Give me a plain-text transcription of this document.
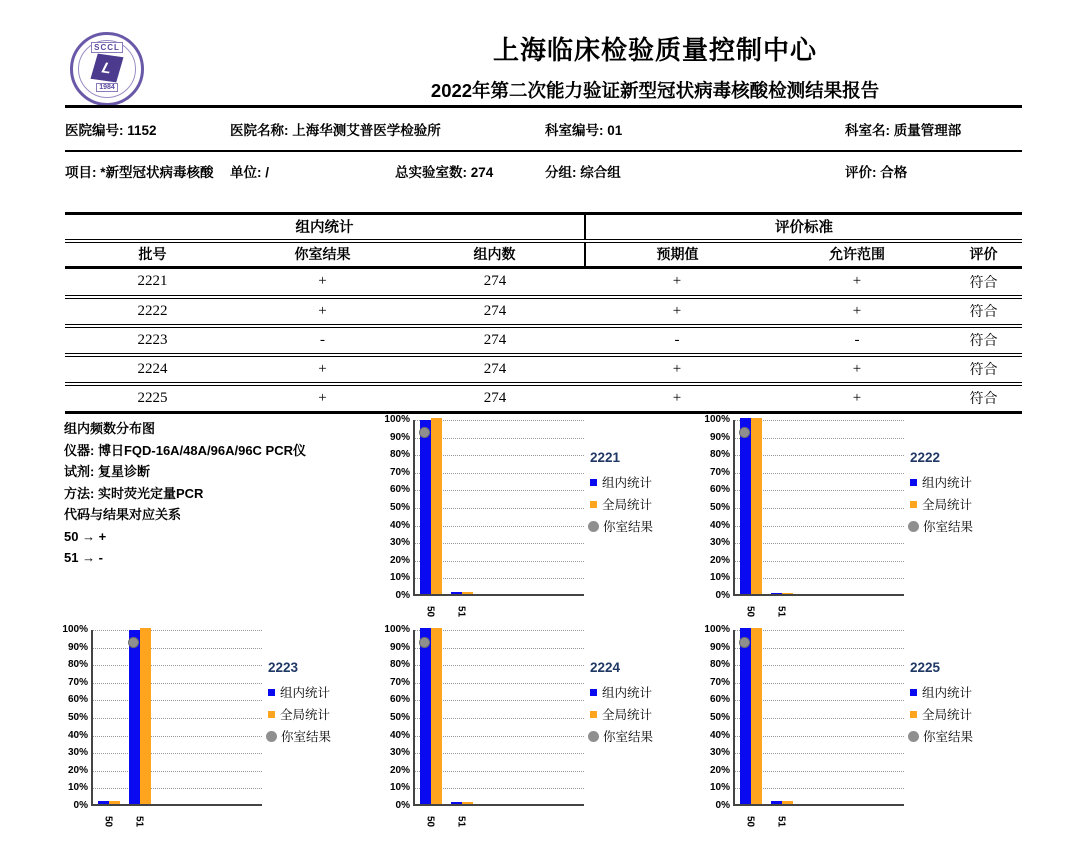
SCCL
L
1984
上海临床检验质量控制中心
2022年第二次能力验证新型冠状病毒核酸检测结果报告
医院编号: 1152	医院名称: 上海华测艾普医学检验所	科室编号: 01	科室名: 质量管理部
项目: *新型冠状病毒核酸	单位: /	总实验室数: 274	分组: 综合组	评价: 合格
组内统计			评价标准		
批号	你室结果	组内数	预期值	允许范围	评价
2221	+	274	+	+	符合
2222	+	274	+	+	符合
2223	-	274	-	-	符合
2224	+	274	+	+	符合
2225	+	274	+	+	符合
组内频数分布图
仪器: 博日FQD-16A/48A/96A/96C PCR仪
试剂: 复星诊断
方法: 实时荧光定量PCR
代码与结果对应关系
50 → +
51 → -
0%
10%
20%
30%
40%
50%
60%
70%
80%
90%
100%
50 51
2221
组内统计
全局统计
你室结果
0%
10%
20%
30%
40%
50%
60%
70%
80%
90%
100%
50 51
2222
组内统计
全局统计
你室结果
0%
10%
20%
30%
40%
50%
60%
70%
80%
90%
100%
50 51
2223
组内统计
全局统计
你室结果
0%
10%
20%
30%
40%
50%
60%
70%
80%
90%
100%
50 51
2224
组内统计
全局统计
你室结果
0%
10%
20%
30%
40%
50%
60%
70%
80%
90%
100%
50 51
2225
组内统计
全局统计
你室结果
